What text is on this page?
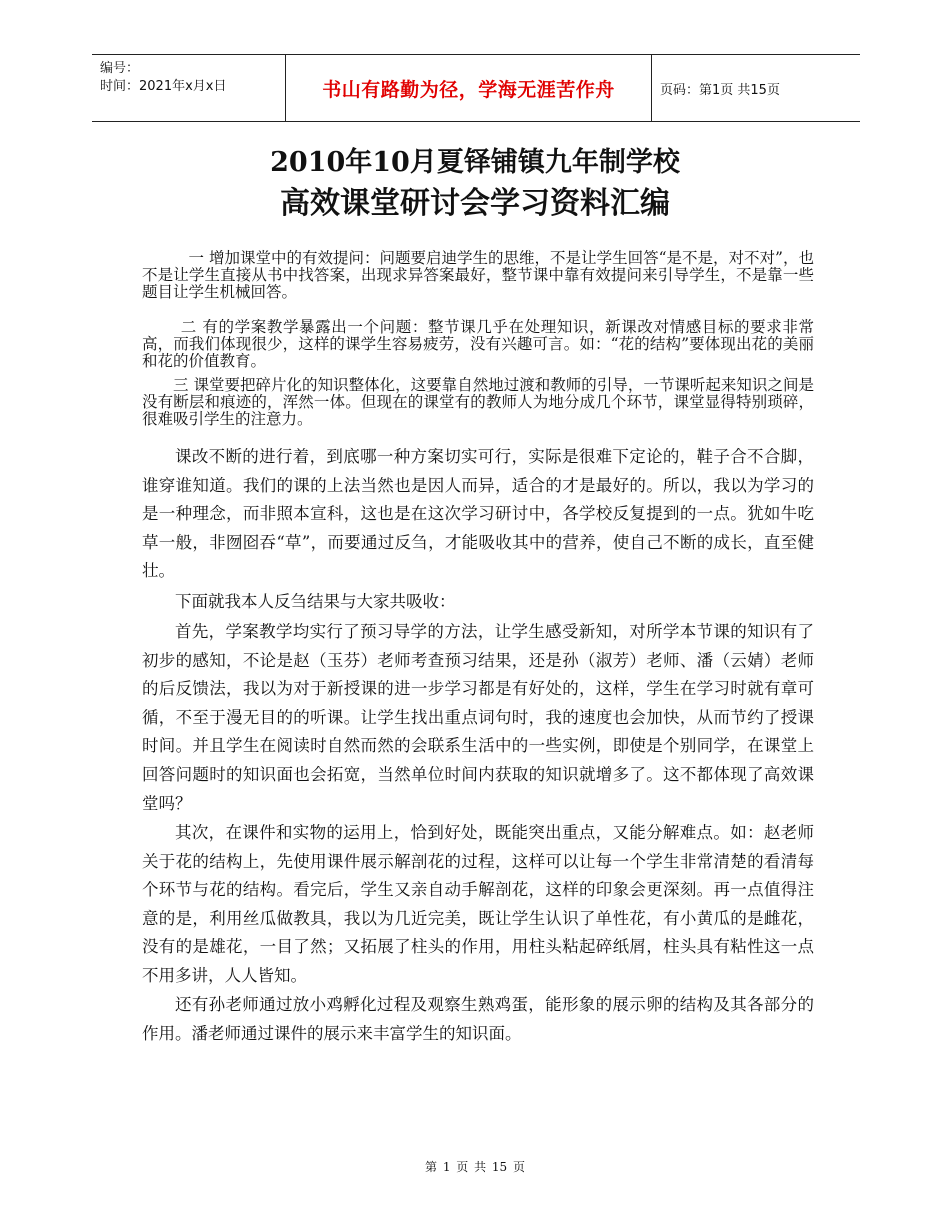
编号：
时间：2021年x月x日	书山有路勤为径，学海无涯苦作舟	页码：第1页 共15页
2010年10月夏铎铺镇九年制学校
高效课堂研讨会学习资料汇编

一 增加课堂中的有效提问：问题要启迪学生的思维，不是让学生回答“是不是，对不对”，也不是让学生直接从书中找答案，出现求异答案最好，整节课中靠有效提问来引导学生，不是靠一些题目让学生机械回答。

二 有的学案教学暴露出一个问题：整节课几乎在处理知识，新课改对情感目标的要求非常高，而我们体现很少，这样的课学生容易疲劳，没有兴趣可言。如：“花的结构”要体现出花的美丽和花的价值教育。

三 课堂要把碎片化的知识整体化，这要靠自然地过渡和教师的引导，一节课听起来知识之间是没有断层和痕迹的，浑然一体。但现在的课堂有的教师人为地分成几个环节，课堂显得特别琐碎，很难吸引学生的注意力。

课改不断的进行着，到底哪一种方案切实可行，实际是很难下定论的，鞋子合不合脚，谁穿谁知道。我们的课的上法当然也是因人而异，适合的才是最好的。所以，我以为学习的是一种理念，而非照本宣科，这也是在这次学习研讨中，各学校反复提到的一点。犹如牛吃草一般，非囫囵吞“草”，而要通过反刍，才能吸收其中的营养，使自己不断的成长，直至健壮。

下面就我本人反刍结果与大家共吸收：

首先，学案教学均实行了预习导学的方法，让学生感受新知，对所学本节课的知识有了初步的感知，不论是赵（玉芬）老师考查预习结果，还是孙（淑芳）老师、潘（云婧）老师的后反馈法，我以为对于新授课的进一步学习都是有好处的，这样，学生在学习时就有章可循，不至于漫无目的的听课。让学生找出重点词句时，我的速度也会加快，从而节约了授课时间。并且学生在阅读时自然而然的会联系生活中的一些实例，即使是个别同学，在课堂上回答问题时的知识面也会拓宽，当然单位时间内获取的知识就增多了。这不都体现了高效课堂吗？

其次，在课件和实物的运用上，恰到好处，既能突出重点，又能分解难点。如：赵老师关于花的结构上，先使用课件展示解剖花的过程，这样可以让每一个学生非常清楚的看清每个环节与花的结构。看完后，学生又亲自动手解剖花，这样的印象会更深刻。再一点值得注意的是，利用丝瓜做教具，我以为几近完美，既让学生认识了单性花，有小黄瓜的是雌花，没有的是雄花，一目了然；又拓展了柱头的作用，用柱头粘起碎纸屑，柱头具有粘性这一点不用多讲，人人皆知。

还有孙老师通过放小鸡孵化过程及观察生熟鸡蛋，能形象的展示卵的结构及其各部分的作用。潘老师通过课件的展示来丰富学生的知识面。

第 1 页 共 15 页
